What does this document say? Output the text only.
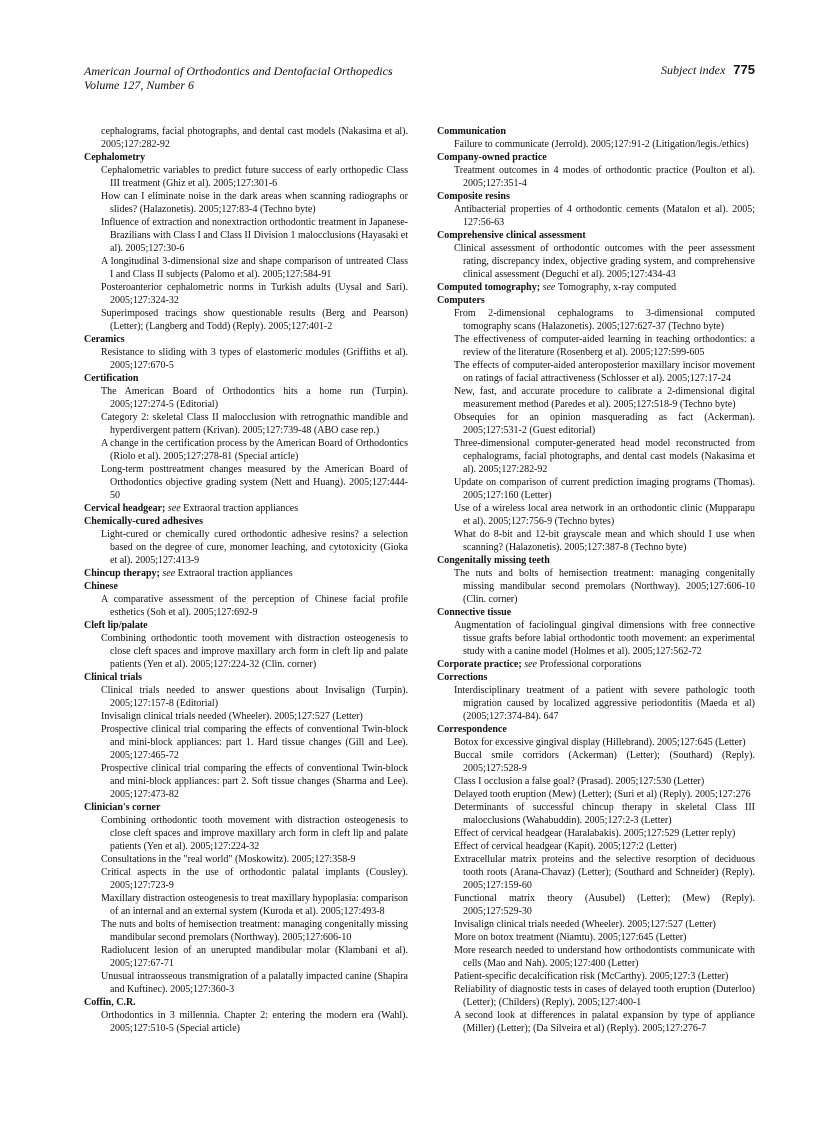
American Journal of Orthodontics and Dentofacial Orthopedics
Volume 127, Number 6
Subject index 775
cephalograms, facial photographs, and dental cast models (Nakasima et al). 2005;127:282-92
Cephalometry
Cephalometric variables to predict future success of early orthopedic Class III treatment (Ghiz et al). 2005;127:301-6
How can I eliminate noise in the dark areas when scanning radiographs or slides? (Halazonetis). 2005;127:83-4 (Techno byte)
Influence of extraction and nonextraction orthodontic treatment in Japanese-Brazilians with Class I and Class II Division 1 malocclusions (Hayasaki et al). 2005;127:30-6
A longitudinal 3-dimensional size and shape comparison of untreated Class I and Class II subjects (Palomo et al). 2005;127:584-91
Posteroanterior cephalometric norms in Turkish adults (Uysal and Sari). 2005;127:324-32
Superimposed tracings show questionable results (Berg and Pearson) (Letter); (Langberg and Todd) (Reply). 2005;127:401-2
Ceramics
Resistance to sliding with 3 types of elastomeric modules (Griffiths et al). 2005;127:670-5
Certification
The American Board of Orthodontics hits a home run (Turpin). 2005;127:274-5 (Editorial)
Category 2: skeletal Class II malocclusion with retrognathic mandible and hyperdivergent pattern (Krivan). 2005;127:739-48 (ABO case rep.)
A change in the certification process by the American Board of Orthodontics (Riolo et al). 2005;127:278-81 (Special article)
Long-term posttreatment changes measured by the American Board of Orthodontics objective grading system (Nett and Huang). 2005;127:444-50
Cervical headgear; see Extraoral traction appliances
Chemically-cured adhesives
Light-cured or chemically cured orthodontic adhesive resins? a selection based on the degree of cure, monomer leaching, and cytotoxicity (Gioka et al). 2005;127:413-9
Chincup therapy; see Extraoral traction appliances
Chinese
A comparative assessment of the perception of Chinese facial profile esthetics (Soh et al). 2005;127:692-9
Cleft lip/palate
Combining orthodontic tooth movement with distraction osteogenesis to close cleft spaces and improve maxillary arch form in cleft lip and palate patients (Yen et al). 2005;127:224-32 (Clin. corner)
Clinical trials
Clinical trials needed to answer questions about Invisalign (Turpin). 2005;127:157-8 (Editorial)
Invisalign clinical trials needed (Wheeler). 2005;127:527 (Letter)
Prospective clinical trial comparing the effects of conventional Twin-block and mini-block appliances: part 1. Hard tissue changes (Gill and Lee). 2005;127:465-72
Prospective clinical trial comparing the effects of conventional Twin-block and mini-block appliances: part 2. Soft tissue changes (Sharma and Lee). 2005;127:473-82
Clinician's corner
Combining orthodontic tooth movement with distraction osteogenesis to close cleft spaces and improve maxillary arch form in cleft lip and palate patients (Yen et al). 2005;127:224-32
Consultations in the "real world" (Moskowitz). 2005;127:358-9
Critical aspects in the use of orthodontic palatal implants (Cousley). 2005;127:723-9
Maxillary distraction osteogenesis to treat maxillary hypoplasia: comparison of an internal and an external system (Kuroda et al). 2005;127:493-8
The nuts and bolts of hemisection treatment: managing congenitally missing mandibular second premolars (Northway). 2005;127:606-10
Radiolucent lesion of an unerupted mandibular molar (Klambani et al). 2005;127:67-71
Unusual intraosseous transmigration of a palatally impacted canine (Shapira and Kuftinec). 2005;127:360-3
Coffin, C.R.
Orthodontics in 3 millennia. Chapter 2: entering the modern era (Wahl). 2005;127:510-5 (Special article)
Communication
Failure to communicate (Jerrold). 2005;127:91-2 (Litigation/legis./ethics)
Company-owned practice
Treatment outcomes in 4 modes of orthodontic practice (Poulton et al). 2005;127:351-4
Composite resins
Antibacterial properties of 4 orthodontic cements (Matalon et al). 2005; 127:56-63
Comprehensive clinical assessment
Clinical assessment of orthodontic outcomes with the peer assessment rating, discrepancy index, objective grading system, and comprehensive clinical assessment (Deguchi et al). 2005;127:434-43
Computed tomography; see Tomography, x-ray computed
Computers
From 2-dimensional cephalograms to 3-dimensional computed tomography scans (Halazonetis). 2005;127:627-37 (Techno byte)
The effectiveness of computer-aided learning in teaching orthodontics: a review of the literature (Rosenberg et al). 2005;127:599-605
The effects of computer-aided anteroposterior maxillary incisor movement on ratings of facial attractiveness (Schlosser et al). 2005;127:17-24
New, fast, and accurate procedure to calibrate a 2-dimensional digital measurement method (Paredes et al). 2005;127:518-9 (Techno byte)
Obsequies for an opinion masquerading as fact (Ackerman). 2005;127:531-2 (Guest editorial)
Three-dimensional computer-generated head model reconstructed from cephalograms, facial photographs, and dental cast models (Nakasima et al). 2005;127:282-92
Update on comparison of current prediction imaging programs (Thomas). 2005;127:160 (Letter)
Use of a wireless local area network in an orthodontic clinic (Mupparapu et al). 2005;127:756-9 (Techno bytes)
What do 8-bit and 12-bit grayscale mean and which should I use when scanning? (Halazonetis). 2005;127:387-8 (Techno byte)
Congenitally missing teeth
The nuts and bolts of hemisection treatment: managing congenitally missing mandibular second premolars (Northway). 2005;127:606-10 (Clin. corner)
Connective tissue
Augmentation of faciolingual gingival dimensions with free connective tissue grafts before labial orthodontic tooth movement: an experimental study with a canine model (Holmes et al). 2005;127:562-72
Corporate practice; see Professional corporations
Corrections
Interdisciplinary treatment of a patient with severe pathologic tooth migration caused by localized aggressive periodontitis (Maeda et al) (2005;127:374-84). 647
Correspondence
Botox for excessive gingival display (Hillebrand). 2005;127:645 (Letter)
Buccal smile corridors (Ackerman) (Letter); (Southard) (Reply). 2005;127:528-9
Class I occlusion a false goal? (Prasad). 2005;127:530 (Letter)
Delayed tooth eruption (Mew) (Letter); (Suri et al) (Reply). 2005;127:276
Determinants of successful chincup therapy in skeletal Class III malocclusions (Wahabuddin). 2005;127:2-3 (Letter)
Effect of cervical headgear (Haralabakis). 2005;127:529 (Letter reply)
Effect of cervical headgear (Kapit). 2005;127:2 (Letter)
Extracellular matrix proteins and the selective resorption of deciduous tooth roots (Arana-Chavaz) (Letter); (Southard and Schneider) (Reply). 2005;127:159-60
Functional matrix theory (Ausubel) (Letter); (Mew) (Reply). 2005;127:529-30
Invisalign clinical trials needed (Wheeler). 2005;127:527 (Letter)
More on botox treatment (Niamtu). 2005;127:645 (Letter)
More research needed to understand how orthodontists communicate with cells (Mao and Nah). 2005;127:400 (Letter)
Patient-specific decalcification risk (McCarthy). 2005;127:3 (Letter)
Reliability of diagnostic tests in cases of delayed tooth eruption (Duterloo) (Letter); (Childers) (Reply). 2005;127:400-1
A second look at differences in palatal expansion by type of appliance (Miller) (Letter); (Da Silveira et al) (Reply). 2005;127:276-7
